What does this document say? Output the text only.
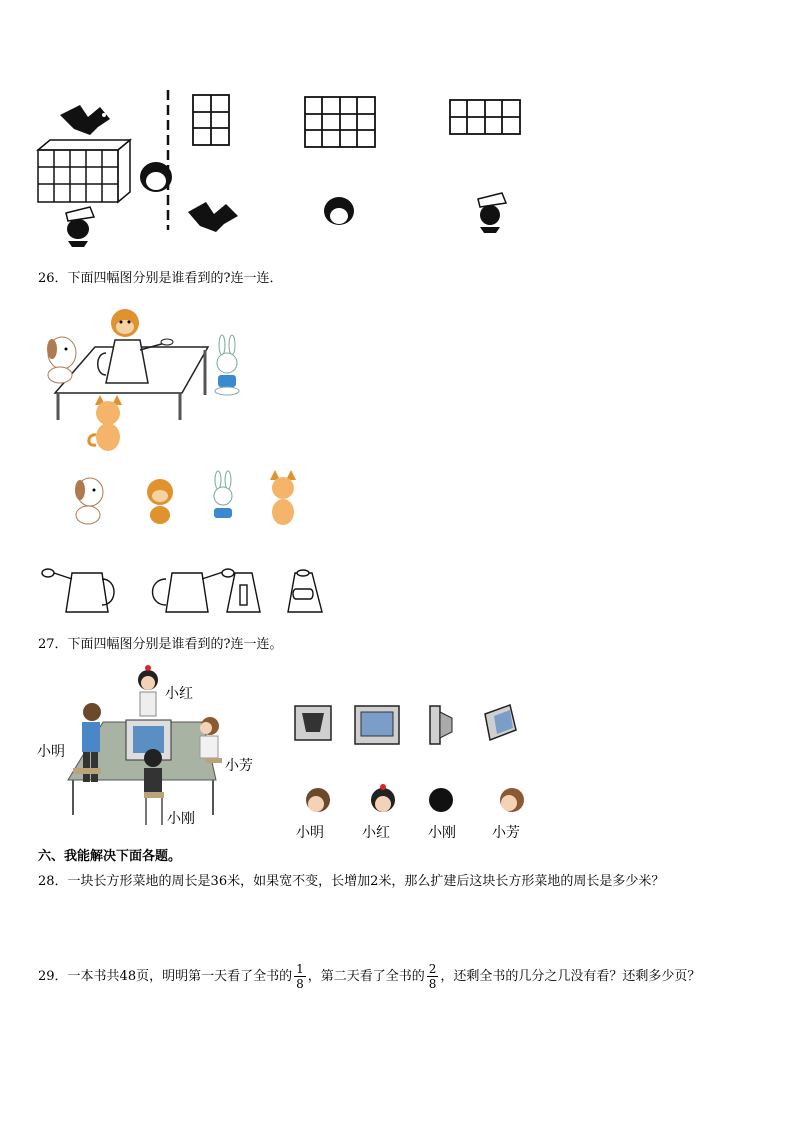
26．下面四幅图分别是谁看到的?连一连．
27．下面四幅图分别是谁看到的?连一连。
小红
小明
小芳
小刚
小明	小红	小刚	小芳
六、我能解决下面各题。
28．一块长方形菜地的周长是36米，如果宽不变，长增加2米，那么扩建后这块长方形菜地的周长是多少米？
29．一本书共48页，明明第一天看了全书的 $\frac{1}{8}$ ，第二天看了全书的 $\frac{2}{8}$ ，还剩全书的几分之几没有看？还剩多少页？
